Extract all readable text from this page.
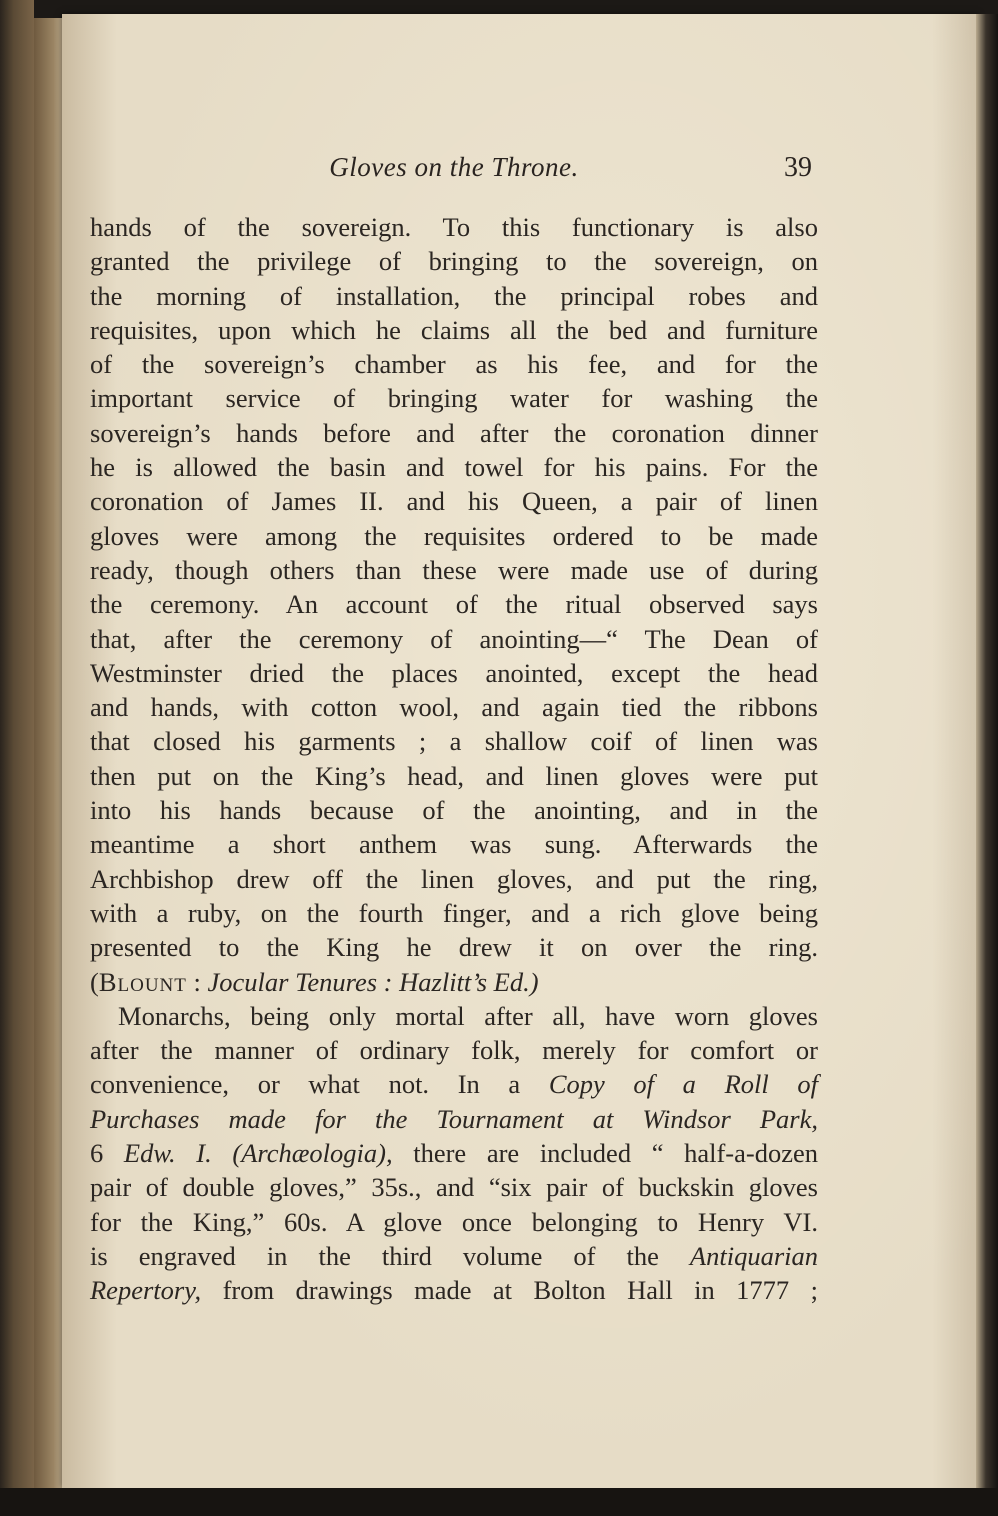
Gloves on the Throne.	39
hands of the sovereign. To this functionary is also
granted the privilege of bringing to the sovereign, on
the morning of installation, the principal robes and
requisites, upon which he claims all the bed and furniture
of the sovereign’s chamber as his fee, and for the
important service of bringing water for washing the
sovereign’s hands before and after the coronation dinner
he is allowed the basin and towel for his pains. For the
coronation of James II. and his Queen, a pair of linen
gloves were among the requisites ordered to be made
ready, though others than these were made use of during
the ceremony. An account of the ritual observed says
that, after the ceremony of anointing—“ The Dean of
Westminster dried the places anointed, except the head
and hands, with cotton wool, and again tied the ribbons
that closed his garments ; a shallow coif of linen was
then put on the King’s head, and linen gloves were put
into his hands because of the anointing, and in the
meantime a short anthem was sung. Afterwards the
Archbishop drew off the linen gloves, and put the ring,
with a ruby, on the fourth finger, and a rich glove being
presented to the King he drew it on over the ring.
(Blount : Jocular Tenures : Hazlitt’s Ed.)
Monarchs, being only mortal after all, have worn gloves
after the manner of ordinary folk, merely for comfort or
convenience, or what not. In a Copy of a Roll of
Purchases made for the Tournament at Windsor Park,
6 Edw. I. (Archæologia), there are included “ half-a-dozen
pair of double gloves,” 35s., and “six pair of buckskin gloves
for the King,” 60s. A glove once belonging to Henry VI.
is engraved in the third volume of the Antiquarian
Repertory, from drawings made at Bolton Hall in 1777 ;
